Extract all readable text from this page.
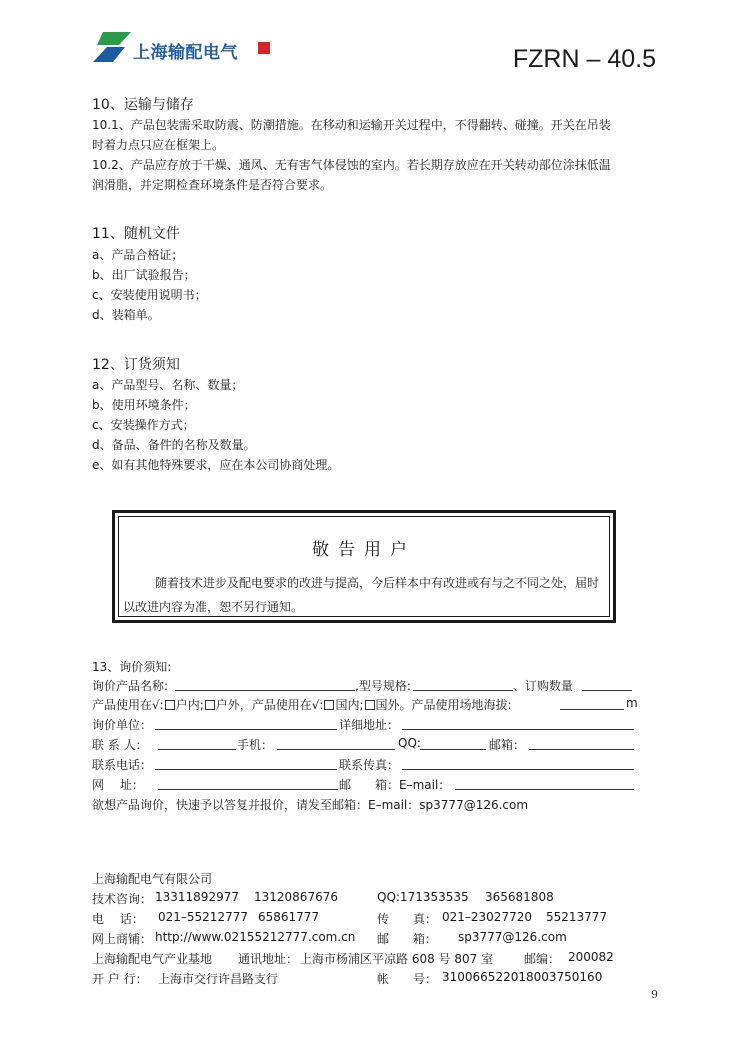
上海输配电气	FZRN – 40.5
10、运输与储存
10.1、产品包装需采取防震、防潮措施。在移动和运输开关过程中，不得翻转、碰撞。开关在吊装
时着力点只应在框架上。
10.2、产品应存放于干燥、通风、无有害气体侵蚀的室内。若长期存放应在开关转动部位涂抹低温
润滑脂，并定期检查环境条件是否符合要求。
11、随机文件
a、产品合格证；
b、出厂试验报告；
c、安装使用说明书；
d、装箱单。
12、订货须知
a、产品型号、名称、数量；
b、使用环境条件；
c、安装操作方式；
d、备品、备件的名称及数量。
e、如有其他特殊要求，应在本公司协商处理。
敬告用户
随着技术进步及配电要求的改进与提高，今后样本中有改进或有与之不同之处，届时以改进内容为准，恕不另行通知。
13、询价须知:
询价产品名称:	,型号规格:	、订购数量
产品使用在√: 户内; 户外，产品使用在√: 国内; 国外。产品使用场地海拔:	m
询价单位：	详细地址：
联 系 人：	手机：	QQ:	邮箱：
联系电话：	联系传真：
网　 址：	邮　　箱：E–mail：
欲想产品询价，快速予以答复并报价，请发至邮箱：E–mail：sp3777@126.com
上海输配电气有限公司
技术咨询： 13311892977 13120867676	QQ:171353535 365681808
电　 话： 021–55212777 65861777	传　　真： 021–23027720 55213777
网上商铺： http://www.02155212777.com.cn 邮　　箱： sp3777@126.com
上海输配电气产业基地 通讯地址： 上海市杨浦区平凉路 608 号 807 室	邮编： 200082
开 户 行： 上海市交行许昌路支行	帐　　号： 310066522018003750160
9
